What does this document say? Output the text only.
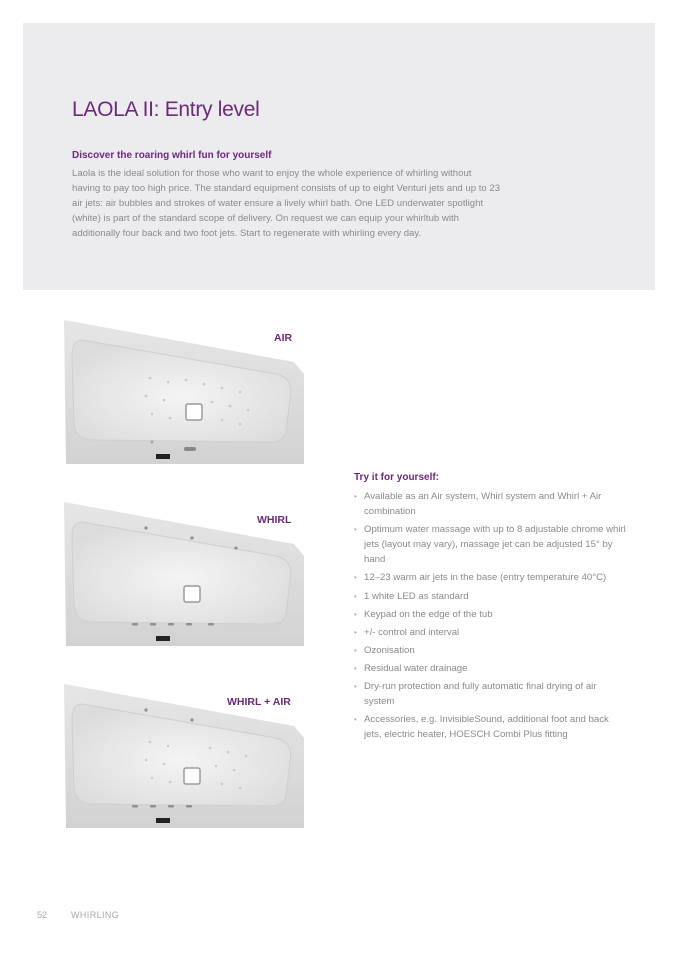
LAOLA II: Entry level
Discover the roaring whirl fun for yourself

Laola is the ideal solution for those who want to enjoy the whole experience of whirling without having to pay too high price. The standard equipment consists of up to eight Venturi jets and up to 23 air jets: air bubbles and strokes of water ensure a lively whirl bath. One LED underwater spotlight (white) is part of the standard scope of delivery. On request we can equip your whirltub with additionally four back and two foot jets. Start to regenerate with whirling every day.

AIR
WHIRL
WHIRL + AIR
Try it for yourself:
• Available as an Air system, Whirl system and Whirl + Air combination
• Optimum water massage with up to 8 adjustable chrome whirl jets (layout may vary), massage jet can be adjusted 15° by hand
• 12–23 warm air jets in the base (entry temperature 40°C)
• 1 white LED as standard
• Keypad on the edge of the tub
• +/- control and interval
• Ozonisation
• Residual water drainage
• Dry-run protection and fully automatic final drying of air system
• Accessories, e.g. InvisibleSound, additional foot and back jets, electric heater, HOESCH Combi Plus fitting
52	WHIRLING
